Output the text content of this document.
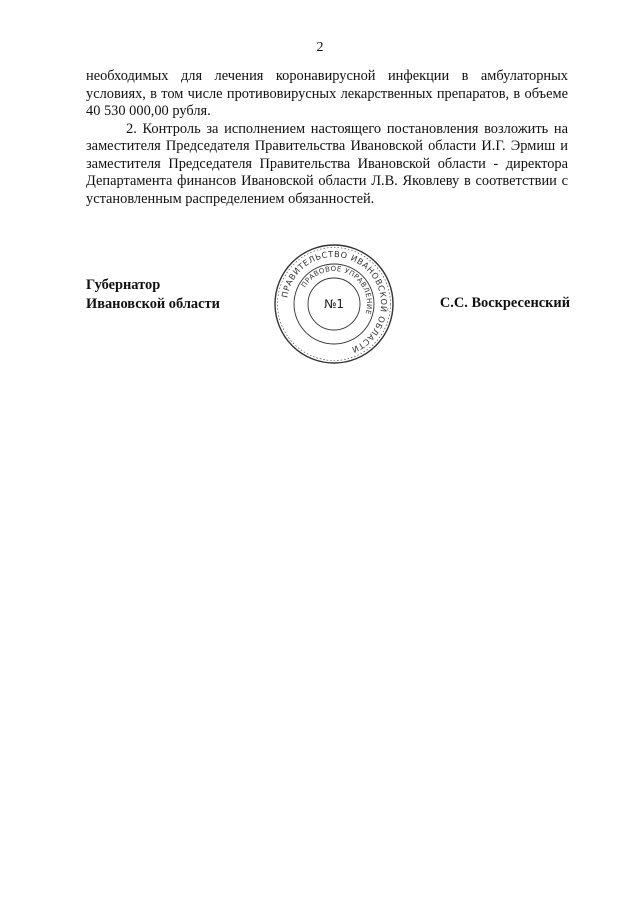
2

необходимых для лечения коронавирусной инфекции в амбулаторных условиях, в том числе противовирусных лекарственных препаратов, в объеме 40 530 000,00 рубля.

2. Контроль за исполнением настоящего постановления возложить на заместителя Председателя Правительства Ивановской области И.Г. Эрмиш и заместителя Председателя Правительства Ивановской области - директора Департамента финансов Ивановской области Л.В. Яковлеву в соответствии с установленным распределением обязанностей.

Губернатор
Ивановской области
ПРАВИТЕЛЬСТВО ИВАНОВСКОЙ ОБЛАСТИ
ПРАВОВОЕ УПРАВЛЕНИЕ
№1	С.С. Воскресенский
